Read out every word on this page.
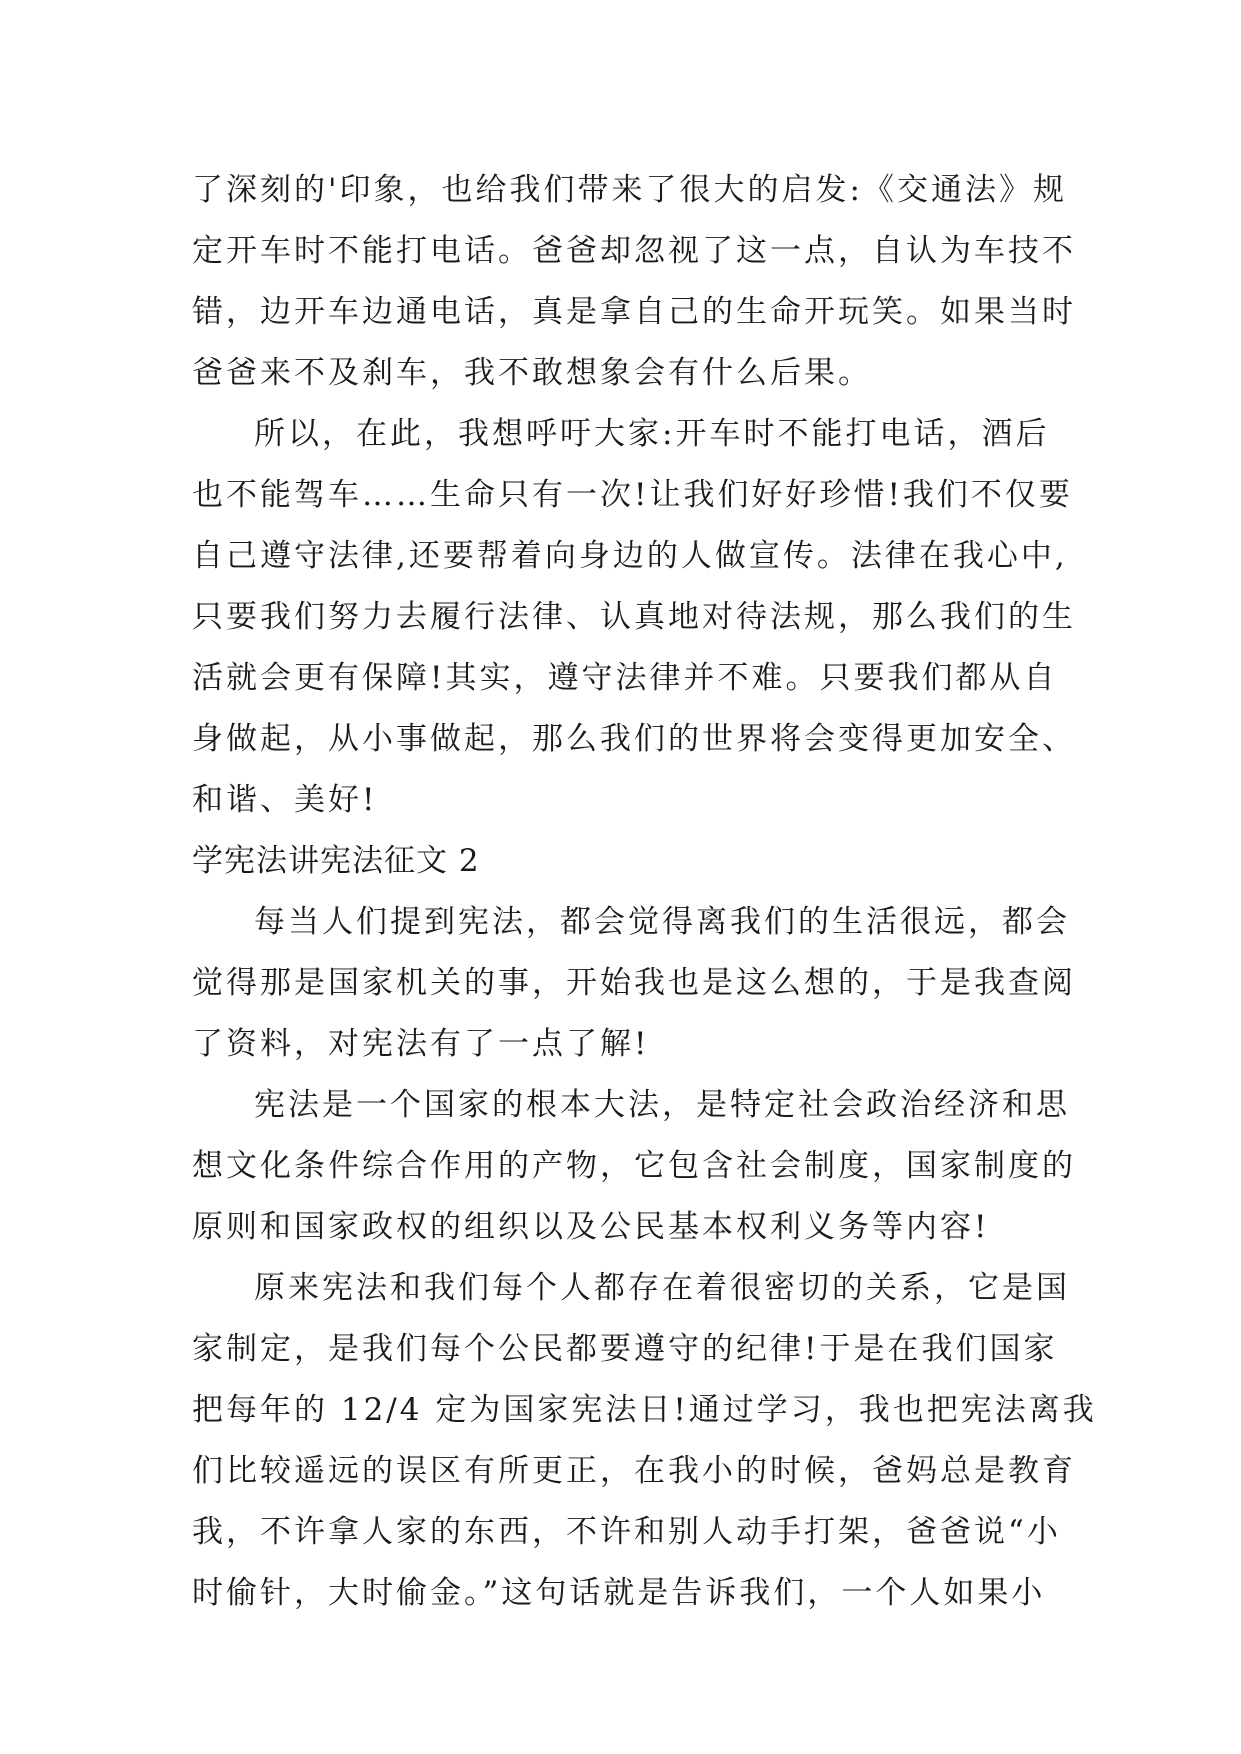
了深刻的'印象，也给我们带来了很大的启发:《交通法》规
定开车时不能打电话。爸爸却忽视了这一点，自认为车技不
错，边开车边通电话，真是拿自己的生命开玩笑。如果当时
爸爸来不及刹车，我不敢想象会有什么后果。
所以，在此，我想呼吁大家:开车时不能打电话，酒后
也不能驾车……生命只有一次!让我们好好珍惜!我们不仅要
自己遵守法律,还要帮着向身边的人做宣传。法律在我心中,
只要我们努力去履行法律、认真地对待法规，那么我们的生
活就会更有保障!其实，遵守法律并不难。只要我们都从自
身做起，从小事做起，那么我们的世界将会变得更加安全、
和谐、美好!
学宪法讲宪法征文 2
每当人们提到宪法，都会觉得离我们的生活很远，都会
觉得那是国家机关的事，开始我也是这么想的，于是我查阅
了资料，对宪法有了一点了解!
宪法是一个国家的根本大法，是特定社会政治经济和思
想文化条件综合作用的产物，它包含社会制度，国家制度的
原则和国家政权的组织以及公民基本权利义务等内容!
原来宪法和我们每个人都存在着很密切的关系，它是国
家制定，是我们每个公民都要遵守的纪律!于是在我们国家
把每年的 12/4 定为国家宪法日!通过学习，我也把宪法离我
们比较遥远的误区有所更正，在我小的时候，爸妈总是教育
我，不许拿人家的东西，不许和别人动手打架，爸爸说“小
时偷针，大时偷金。”这句话就是告诉我们，一个人如果小
